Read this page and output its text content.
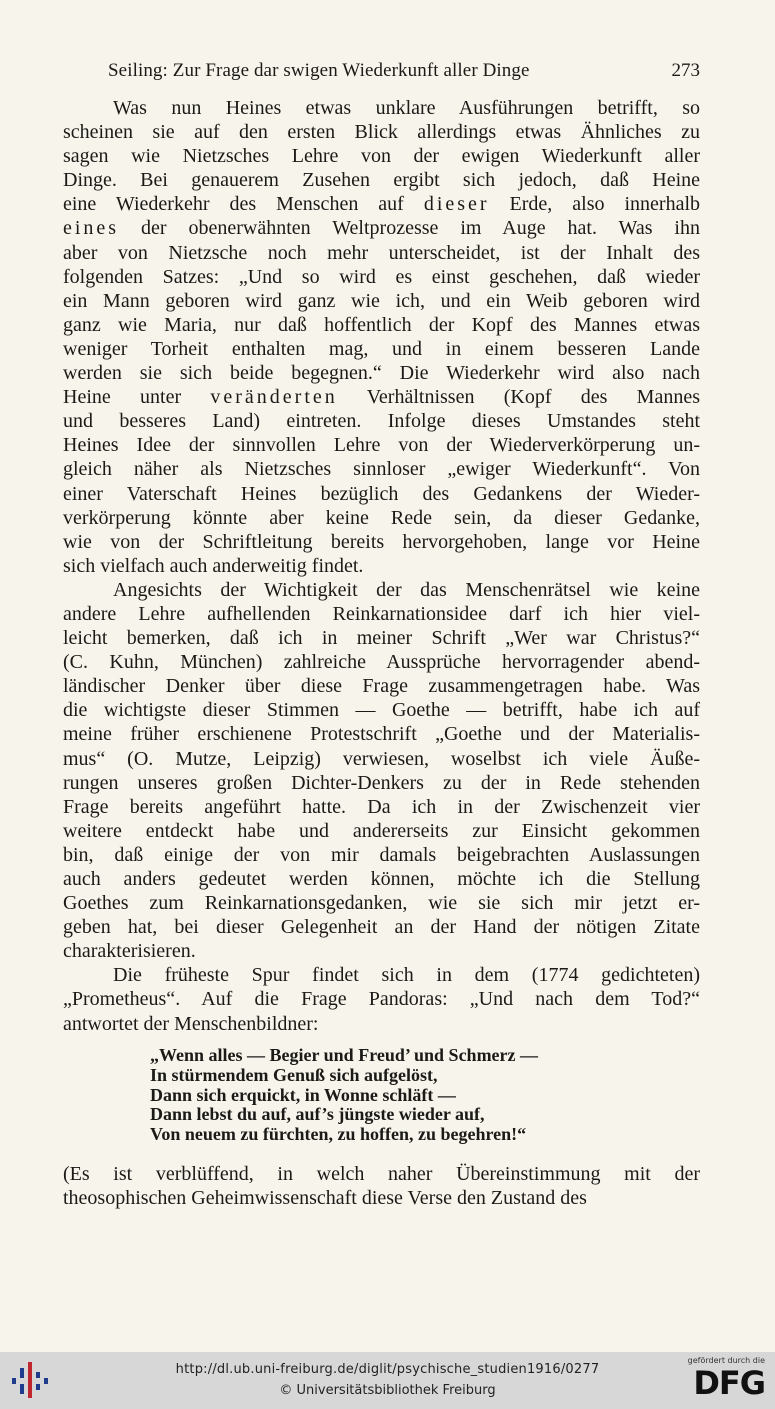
Seiling: Zur Frage dar swigen Wiederkunft aller Dinge	273
Was nun Heines etwas unklare Ausführungen betrifft, so
scheinen sie auf den ersten Blick allerdings etwas Ähnliches zu
sagen wie Nietzsches Lehre von der ewigen Wiederkunft aller
Dinge. Bei genauerem Zusehen ergibt sich jedoch, daß Heine
eine Wiederkehr des Menschen auf dieser Erde, also innerhalb
eines der obenerwähnten Weltprozesse im Auge hat. Was ihn
aber von Nietzsche noch mehr unterscheidet, ist der Inhalt des
folgenden Satzes: „Und so wird es einst geschehen, daß wieder
ein Mann geboren wird ganz wie ich, und ein Weib geboren wird
ganz wie Maria, nur daß hoffentlich der Kopf des Mannes etwas
weniger Torheit enthalten mag, und in einem besseren Lande
werden sie sich beide begegnen.“ Die Wiederkehr wird also nach
Heine unter veränderten Verhältnissen (Kopf des Mannes
und besseres Land) eintreten. Infolge dieses Umstandes steht
Heines Idee der sinnvollen Lehre von der Wiederverkörperung un-
gleich näher als Nietzsches sinnloser „ewiger Wiederkunft“. Von
einer Vaterschaft Heines bezüglich des Gedankens der Wieder-
verkörperung könnte aber keine Rede sein, da dieser Gedanke,
wie von der Schriftleitung bereits hervorgehoben, lange vor Heine
sich vielfach auch anderweitig findet.
Angesichts der Wichtigkeit der das Menschenrätsel wie keine
andere Lehre aufhellenden Reinkarnationsidee darf ich hier viel-
leicht bemerken, daß ich in meiner Schrift „Wer war Christus?“
(C. Kuhn, München) zahlreiche Aussprüche hervorragender abend-
ländischer Denker über diese Frage zusammengetragen habe. Was
die wichtigste dieser Stimmen — Goethe — betrifft, habe ich auf
meine früher erschienene Protestschrift „Goethe und der Materialis-
mus“ (O. Mutze, Leipzig) verwiesen, woselbst ich viele Äuße-
rungen unseres großen Dichter-Denkers zu der in Rede stehenden
Frage bereits angeführt hatte. Da ich in der Zwischenzeit vier
weitere entdeckt habe und andererseits zur Einsicht gekommen
bin, daß einige der von mir damals beigebrachten Auslassungen
auch anders gedeutet werden können, möchte ich die Stellung
Goethes zum Reinkarnationsgedanken, wie sie sich mir jetzt er-
geben hat, bei dieser Gelegenheit an der Hand der nötigen Zitate
charakterisieren.
Die früheste Spur findet sich in dem (1774 gedichteten)
„Prometheus“. Auf die Frage Pandoras: „Und nach dem Tod?“
antwortet der Menschenbildner:
„Wenn alles — Begier und Freud’ und Schmerz —
In stürmendem Genuß sich aufgelöst,
Dann sich erquickt, in Wonne schläft —
Dann lebst du auf, auf’s jüngste wieder auf,
Von neuem zu fürchten, zu hoffen, zu begehren!“
(Es ist verblüffend, in welch naher Übereinstimmung mit der
theosophischen Geheimwissenschaft diese Verse den Zustand des
http://dl.ub.uni-freiburg.de/diglit/psychische_studien1916/0277
© Universitätsbibliothek Freiburg
gefördert durch die
DFG
